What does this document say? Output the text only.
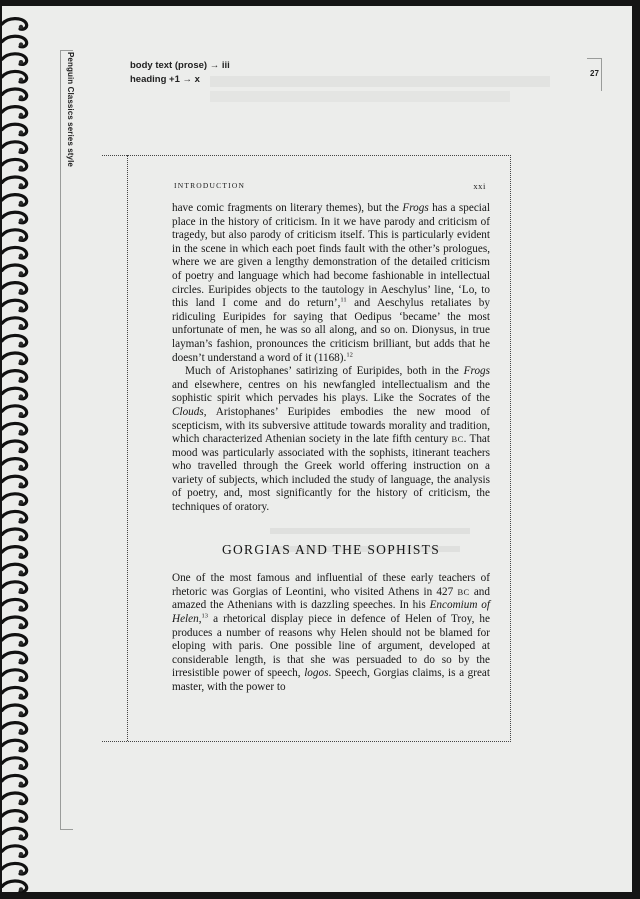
Penguin Classics series style	body text (prose) → iii
heading +1 → x
27
INTRODUCTION	xxi

have comic fragments on literary themes), but the Frogs has a special place in the history of criticism. In it we have parody and criticism of tragedy, but also parody of criticism itself. This is particularly evident in the scene in which each poet finds fault with the other’s prologues, where we are given a lengthy demonstration of the detailed criticism of poetry and language which had become fashionable in intellectual circles. Euripides objects to the tautology in Aeschylus’ line, ‘Lo, to this land I come and do return’,$^{11}$ and Aeschylus retaliates by ridiculing Euripides for saying that Oedipus ‘became’ the most unfortunate of men, he was so all along, and so on. Dionysus, in true layman’s fashion, pronounces the criticism brilliant, but adds that he doesn’t understand a word of it (1168).$^{12}$

Much of Aristophanes’ satirizing of Euripides, both in the Frogs and elsewhere, centres on his newfangled intellectualism and the sophistic spirit which pervades his plays. Like the Socrates of the Clouds, Aristophanes’ Euripides embodies the new mood of scepticism, with its subversive attitude towards morality and tradition, which characterized Athenian society in the late fifth century BC. That mood was particularly associated with the sophists, itinerant teachers who travelled through the Greek world offering instruction on a variety of subjects, which included the study of language, the analysis of poetry, and, most significantly for the history of criticism, the techniques of oratory.

GORGIAS AND THE SOPHISTS

One of the most famous and influential of these early teachers of rhetoric was Gorgias of Leontini, who visited Athens in 427 BC and amazed the Athenians with is dazzling speeches. In his Encomium of Helen,$^{13}$ a rhetorical display piece in defence of Helen of Troy, he produces a number of reasons why Helen should not be blamed for eloping with paris. One possible line of argument, developed at considerable length, is that she was persuaded to do so by the irresistible power of speech, logos. Speech, Gorgias claims, is a great master, with the power to
